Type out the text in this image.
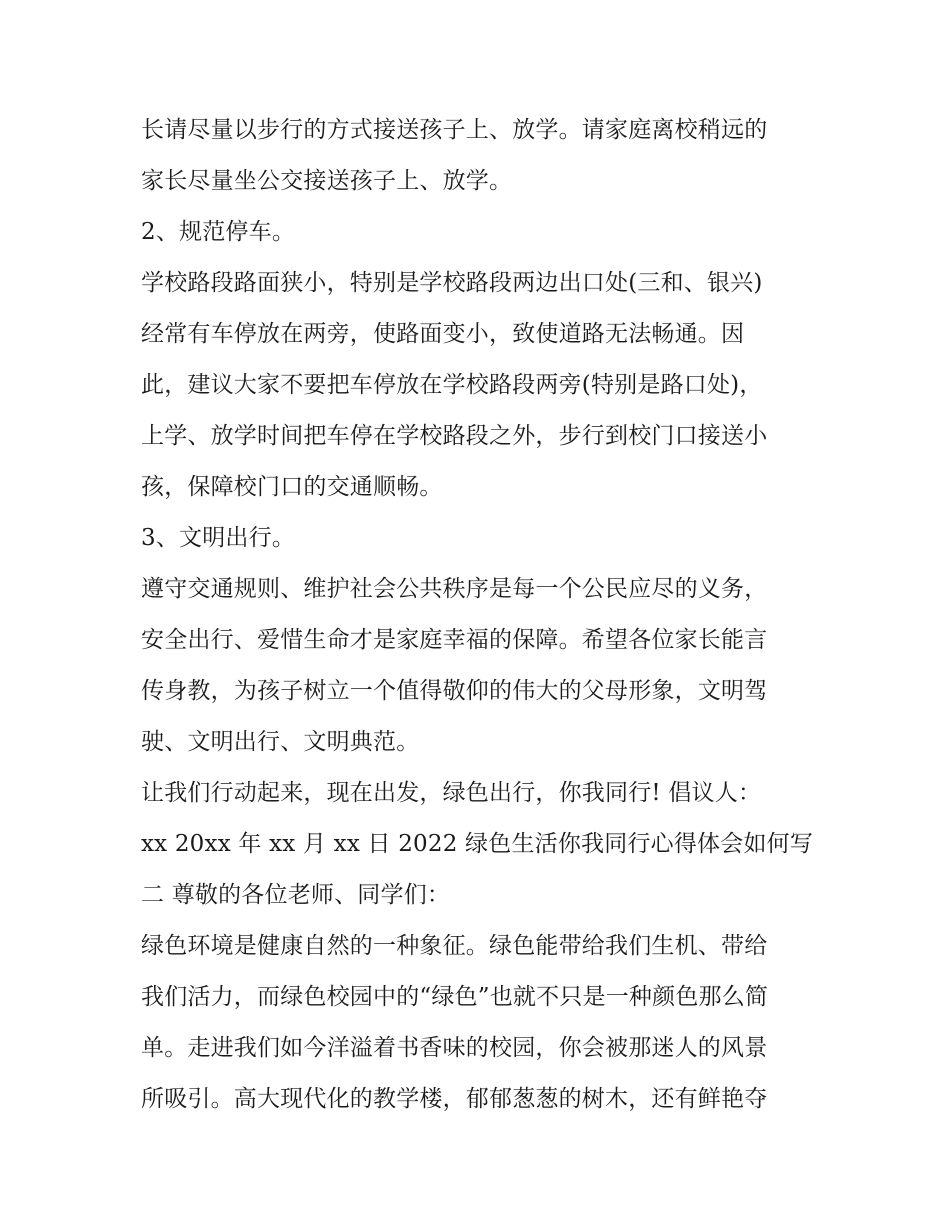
长请尽量以步行的方式接送孩子上、放学。请家庭离校稍远的
家长尽量坐公交接送孩子上、放学。
2、规范停车。
学校路段路面狭小，特别是学校路段两边出口处(三和、银兴)
经常有车停放在两旁，使路面变小，致使道路无法畅通。因
此，建议大家不要把车停放在学校路段两旁(特别是路口处)，
上学、放学时间把车停在学校路段之外，步行到校门口接送小
孩，保障校门口的交通顺畅。
3、文明出行。
遵守交通规则、维护社会公共秩序是每一个公民应尽的义务，
安全出行、爱惜生命才是家庭幸福的保障。希望各位家长能言
传身教，为孩子树立一个值得敬仰的伟大的父母形象，文明驾
驶、文明出行、文明典范。
让我们行动起来，现在出发，绿色出行，你我同行! 倡议人：
xx 20xx 年 xx 月 xx 日 2022 绿色生活你我同行心得体会如何写
二 尊敬的各位老师、同学们：
绿色环境是健康自然的一种象征。绿色能带给我们生机、带给
我们活力，而绿色校园中的“绿色”也就不只是一种颜色那么简
单。走进我们如今洋溢着书香味的校园，你会被那迷人的风景
所吸引。高大现代化的教学楼，郁郁葱葱的树木，还有鲜艳夺
